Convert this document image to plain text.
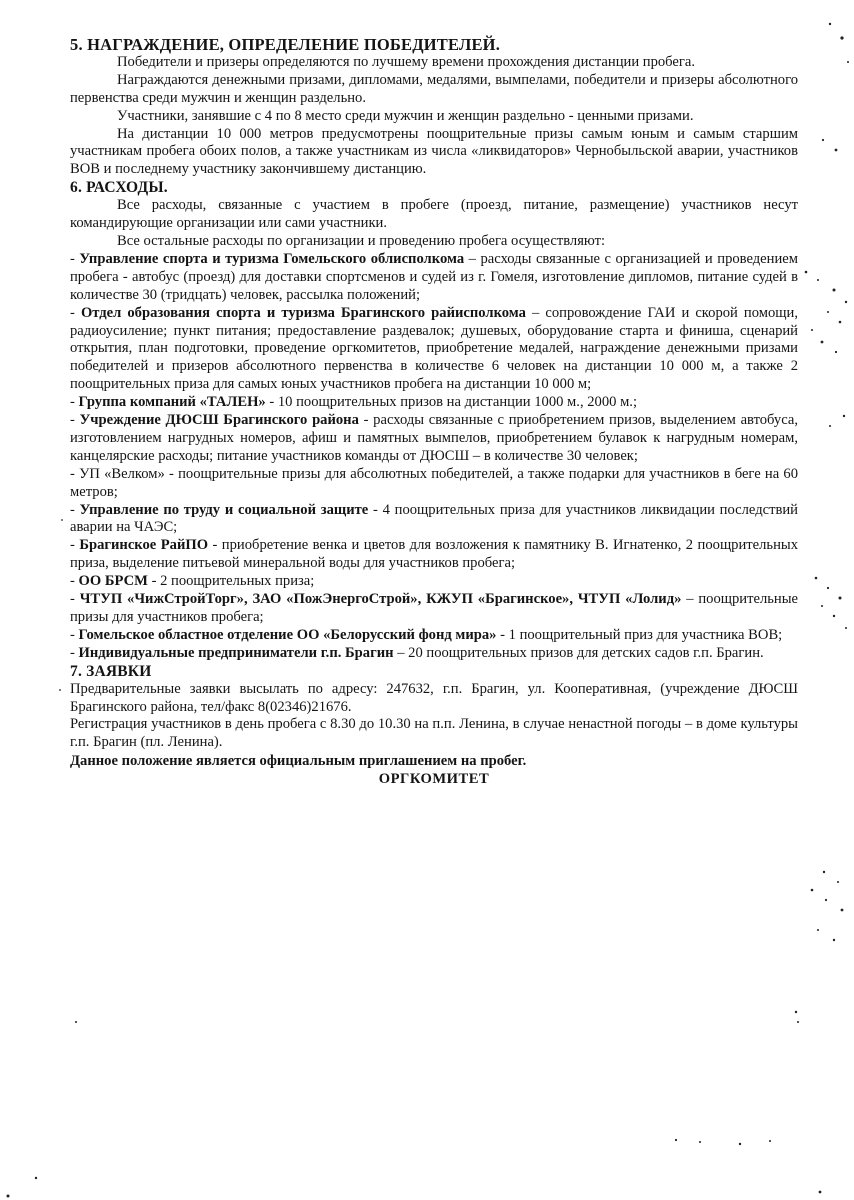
5. НАГРАЖДЕНИЕ, ОПРЕДЕЛЕНИЕ ПОБЕДИТЕЛЕЙ.

Победители и призеры определяются по лучшему времени прохождения дистанции пробега.

Награждаются денежными призами, дипломами, медалями, вымпелами, победители и призеры абсолютного первенства среди мужчин и женщин раздельно.

Участники, занявшие с 4 по 8 место среди мужчин и женщин раздельно - ценными призами.

На дистанции 10 000 метров предусмотрены поощрительные призы самым юным и самым старшим участникам пробега обоих полов, а также участникам из числа «ликвидаторов» Чернобыльской аварии, участников ВОВ и последнему участнику закончившему дистанцию.

6. РАСХОДЫ.

Все расходы, связанные с участием в пробеге (проезд, питание, размещение) участников несут командирующие организации или сами участники.

Все остальные расходы по организации и проведению пробега осуществляют:

- Управление спорта и туризма Гомельского облисполкома – расходы связанные с организацией и проведением пробега - автобус (проезд) для доставки спортсменов и судей из г. Гомеля, изготовление дипломов, питание судей в количестве 30 (тридцать) человек, рассылка положений;

- Отдел образования спорта и туризма Брагинского райисполкома – сопровождение ГАИ и скорой помощи, радиоусиление; пункт питания; предоставление раздевалок; душевых, оборудование старта и финиша, сценарий открытия, план подготовки, проведение оргкомитетов, приобретение медалей, награждение денежными призами победителей и призеров абсолютного первенства в количестве 6 человек на дистанции 10 000 м, а также 2 поощрительных приза для самых юных участников пробега на дистанции 10 000 м;

- Группа компаний «ТАЛЕН» - 10 поощрительных призов на дистанции 1000 м., 2000 м.;

- Учреждение ДЮСШ Брагинского района - расходы связанные с приобретением призов, выделением автобуса, изготовлением нагрудных номеров, афиш и памятных вымпелов, приобретением булавок к нагрудным номерам, канцелярские расходы; питание участников команды от ДЮСШ – в количестве 30 человек;

- УП «Велком» - поощрительные призы для абсолютных победителей, а также подарки для участников в беге на 60 метров;

- Управление по труду и социальной защите - 4 поощрительных приза для участников ликвидации последствий аварии на ЧАЭС;

- Брагинское РайПО - приобретение венка и цветов для возложения к памятнику В. Игнатенко, 2 поощрительных приза, выделение питьевой минеральной воды для участников пробега;

- ОО БРСМ - 2 поощрительных приза;

- ЧТУП «ЧижСтройТорг», ЗАО «ПожЭнергоСтрой», КЖУП «Брагинское», ЧТУП «Лолид» – поощрительные призы для участников пробега;

- Гомельское областное отделение ОО «Белорусский фонд мира» - 1 поощрительный приз для участника ВОВ;

- Индивидуальные предприниматели г.п. Брагин – 20 поощрительных призов для детских садов г.п. Брагин.

7. ЗАЯВКИ

Предварительные заявки высылать по адресу: 247632, г.п. Брагин, ул. Кооперативная, (учреждение ДЮСШ Брагинского района, тел/факс 8(02346)21676.

Регистрация участников в день пробега с 8.30 до 10.30 на п.п. Ленина, в случае ненастной погоды – в доме культуры г.п. Брагин (пл. Ленина).

Данное положение является официальным приглашением на пробег.

ОРГКОМИТЕТ
